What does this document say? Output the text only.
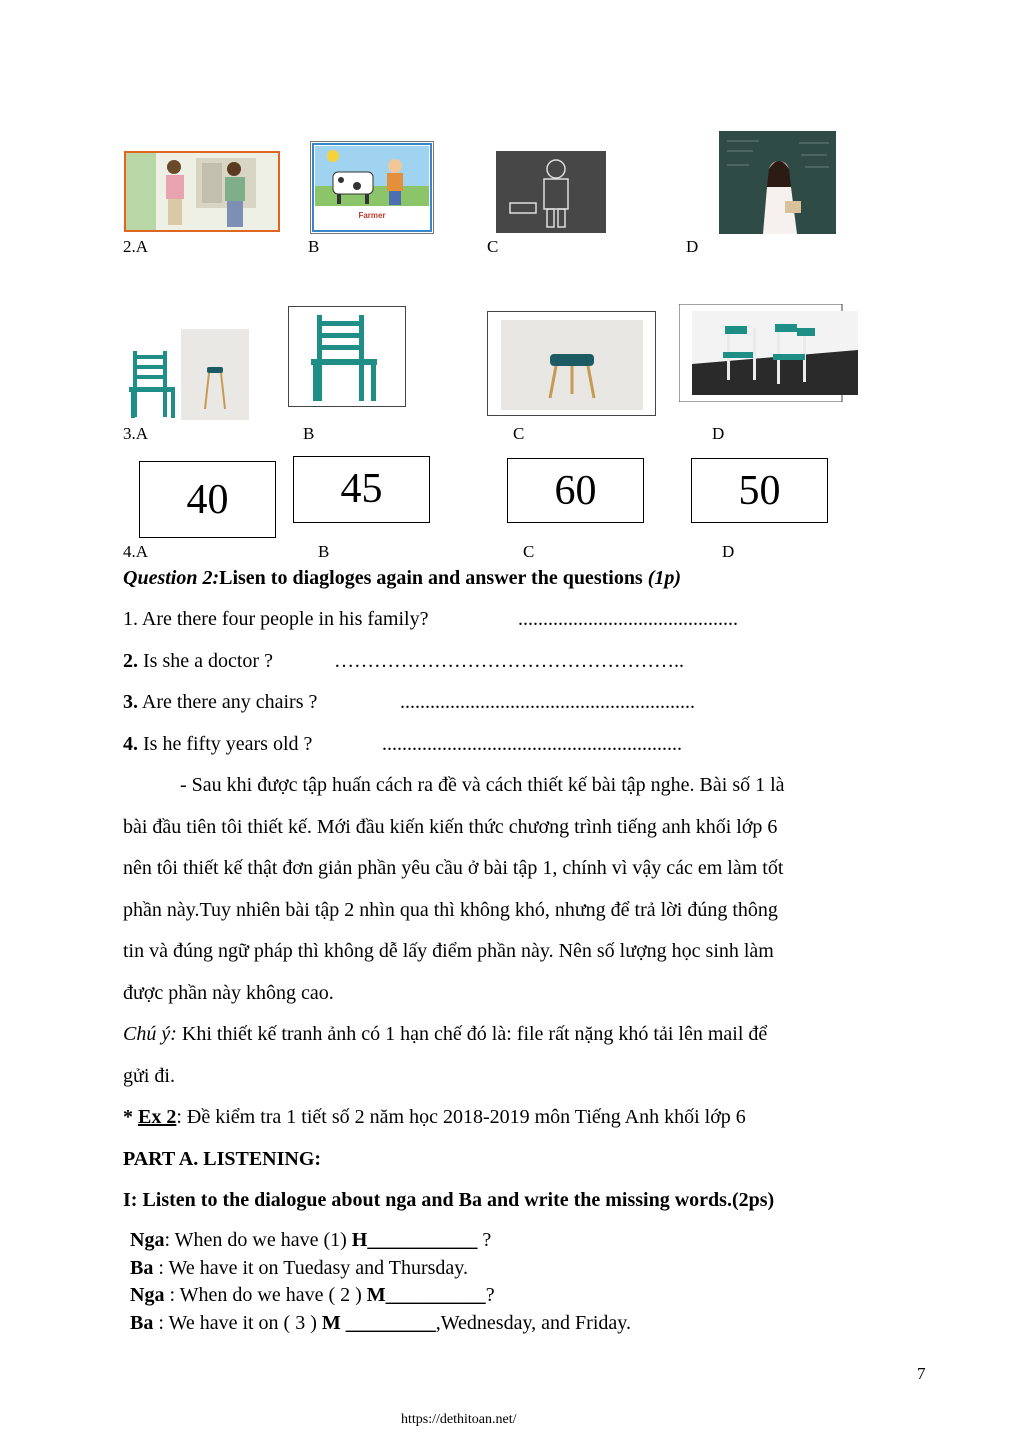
Farmer
2.A	B	C	D
3.A	B	C	D
40	45	60	50
4.A	B	C	D
Question 2:Lisen to diagloges again and answer the questions (1p)
1. Are there four people in his family?	............................................
2. Is she a doctor ?	……………………………………………..
3. Are there any chairs ?	...........................................................
4. Is he fifty years old ?	............................................................
- Sau khi được tập huấn cách ra đề và cách thiết kế bài tập nghe. Bài số 1 là
bài đầu tiên tôi thiết kế. Mới đầu kiến kiến thức chương trình tiếng anh khối lớp 6
nên tôi thiết kế thật đơn giản phần yêu cầu ở bài tập 1, chính vì vậy các em làm tốt
phần này.Tuy nhiên bài tập 2 nhìn qua thì không khó, nhưng để trả lời đúng thông
tin và đúng ngữ pháp thì không dễ lấy điểm phần này. Nên số lượng học sinh làm
được phần này không cao.
Chú ý: Khi thiết kế tranh ảnh có 1 hạn chế đó là: file rất nặng khó tải lên mail để
gửi đi.
* Ex 2: Đề kiểm tra 1 tiết số 2 năm học 2018-2019 môn Tiếng Anh khối lớp 6
PART A. LISTENING:
I: Listen to the dialogue about nga and Ba and write the missing words.(2ps)
Nga: When do we have (1) H___________ ?
Ba : We have it on Tuedasy and Thursday.
Nga : When do we have ( 2 ) M__________?
Ba : We have it on ( 3 ) M _________,Wednesday, and Friday.
7
https://dethitoan.net/
